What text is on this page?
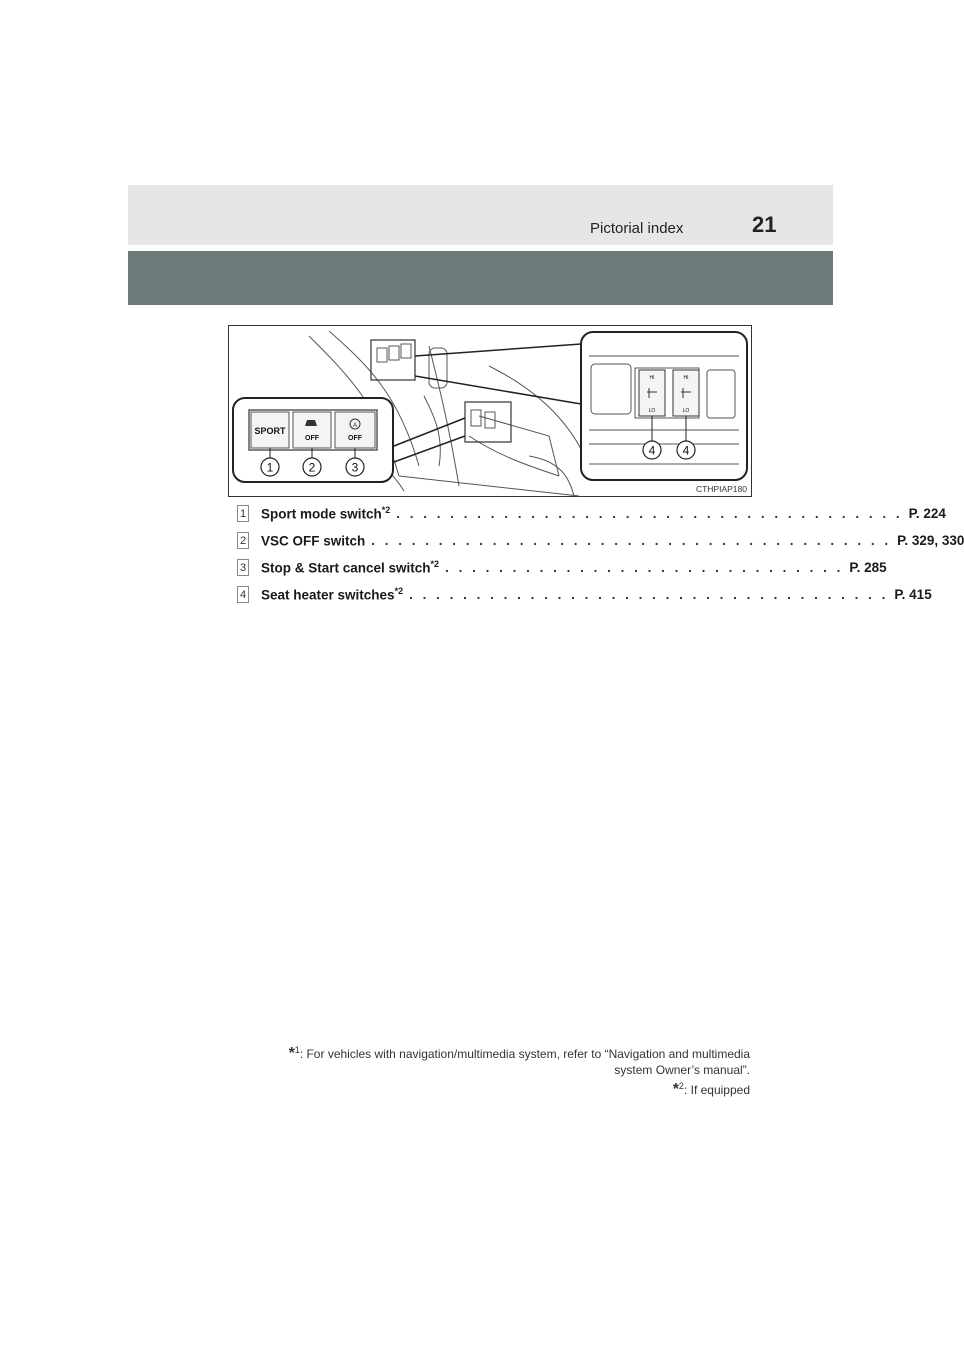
Pictorial index	21
SPORT
OFF
A
OFF
1	2	3
HI
LO
HI
LO
4 4
CTHPIAP180
1 Sport mode switch$^{*2}$ . . . . . . . . . . . . . . . . . . . . . . . . . . . . . . . . . . . . . . P. 224
2 VSC OFF switch . . . . . . . . . . . . . . . . . . . . . . . . . . . . . . . . . . . . . . . P. 329, 330
3 Stop & Start cancel switch$^{*2}$ . . . . . . . . . . . . . . . . . . . . . . . . . . . . . . P. 285
4 Seat heater switches$^{*2}$ . . . . . . . . . . . . . . . . . . . . . . . . . . . . . . . . . . . . P. 415
*$^1$: For vehicles with navigation/multimedia system, refer to “Navigation and multimedia
system Owner’s manual”.
*$^2$: If equipped
